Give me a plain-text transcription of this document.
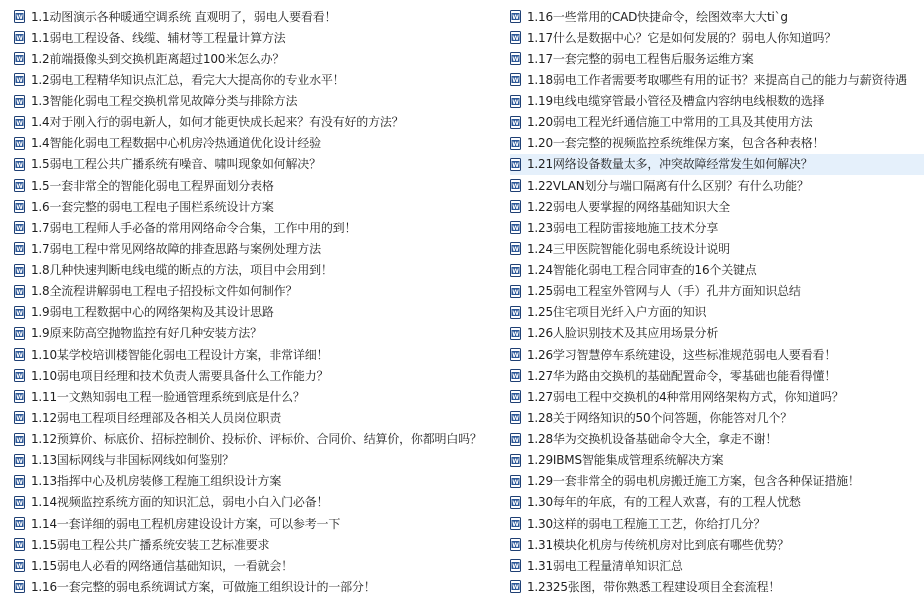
W 1.1动图演示各种暖通空调系统 直观明了，弱电人要看看！
W 1.1弱电工程设备、线缆、辅材等工程量计算方法
W 1.2前端摄像头到交换机距离超过100米怎么办？
W 1.2弱电工程精华知识点汇总，看完大大提高你的专业水平！
W 1.3智能化弱电工程交换机常见故障分类与排除方法
W 1.4对于刚入行的弱电新人，如何才能更快成长起来？有没有好的方法？
W 1.4智能化弱电工程数据中心机房冷热通道优化设计经验
W 1.5弱电工程公共广播系统有噪音、啸叫现象如何解决？
W 1.5一套非常全的智能化弱电工程界面划分表格
W 1.6一套完整的弱电工程电子围栏系统设计方案
W 1.7弱电工程师人手必备的常用网络命令合集，工作中用的到！
W 1.7弱电工程中常见网络故障的排查思路与案例处理方法
W 1.8几种快速判断电线电缆的断点的方法，项目中会用到！
W 1.8全流程讲解弱电工程电子招投标文件如何制作？
W 1.9弱电工程数据中心的网络架构及其设计思路
W 1.9原来防高空抛物监控有好几种安装方法？
W 1.10某学校培训楼智能化弱电工程设计方案，非常详细！
W 1.10弱电项目经理和技术负责人需要具备什么工作能力？
W 1.11一文熟知弱电工程一脸通管理系统到底是什么？
W 1.12弱电工程项目经理部及各相关人员岗位职责
W 1.12预算价、标底价、招标控制价、投标价、评标价、合同价、结算价，你都明白吗？
W 1.13国标网线与非国标网线如何鉴别？
W 1.13指挥中心及机房装修工程施工组织设计方案
W 1.14视频监控系统方面的知识汇总，弱电小白入门必备！
W 1.14一套详细的弱电工程机房建设设计方案，可以参考一下
W 1.15弱电工程公共广播系统安装工艺标准要求
W 1.15弱电人必看的网络通信基础知识，一看就会！
W 1.16一套完整的弱电系统调试方案，可做施工组织设计的一部分！
W 1.16一些常用的CAD快捷命令，绘图效率大大ti`g
W 1.17什么是数据中心？它是如何发展的？弱电人你知道吗？
W 1.17一套完整的弱电工程售后服务运维方案
W 1.18弱电工作者需要考取哪些有用的证书？来提高自己的能力与薪资待遇
W 1.19电线电缆穿管最小管径及槽盒内容纳电线根数的选择
W 1.20弱电工程光纤通信施工中常用的工具及其使用方法
W 1.20一套完整的视频监控系统维保方案，包含各种表格！
W 1.21网络设备数量太多，冲突故障经常发生如何解决？
W 1.22VLAN划分与端口隔离有什么区别？有什么功能？
W 1.22弱电人要掌握的网络基础知识大全
W 1.23弱电工程防雷接地施工技术分享
W 1.24三甲医院智能化弱电系统设计说明
W 1.24智能化弱电工程合同审查的16个关键点
W 1.25弱电工程室外管网与人（手）孔井方面知识总结
W 1.25住宅项目光纤入户方面的知识
W 1.26人脸识别技术及其应用场景分析
W 1.26学习智慧停车系统建设，这些标准规范弱电人要看看！
W 1.27华为路由交换机的基础配置命令，零基础也能看得懂！
W 1.27弱电工程中交换机的4种常用网络架构方式，你知道吗？
W 1.28关于网络知识的50个问答题，你能答对几个？
W 1.28华为交换机设备基础命令大全，拿走不谢！
W 1.29IBMS智能集成管理系统解决方案
W 1.29一套非常全的弱电机房搬迁施工方案，包含各种保证措施！
W 1.30每年的年底，有的工程人欢喜，有的工程人忧愁
W 1.30这样的弱电工程施工工艺，你给打几分？
W 1.31模块化机房与传统机房对比到底有哪些优势？
W 1.31弱电工程量清单知识汇总
W 1.2325张图，带你熟悉工程建设项目全套流程！
